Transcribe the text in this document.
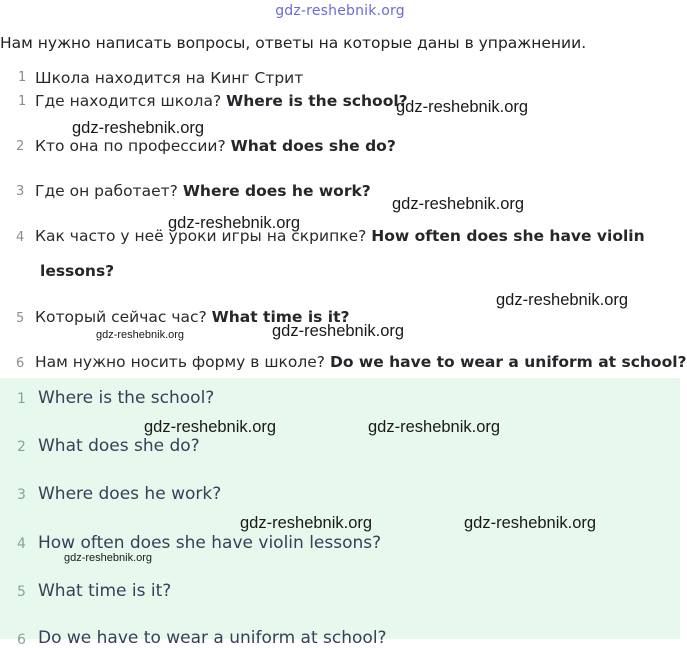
gdz-reshebnik.org
Нам нужно написать вопросы, ответы на которые даны в упражнении.
1 Школа находится на Кинг Стрит
1 Где находится школа? Where is the school?
2 Кто она по профессии? What does she do?
3 Где он работает? Where does he work?
4 Как часто у неё уроки игры на скрипке? How often does she have violin
lessons?
5 Который сейчас час? What time is it?
6 Нам нужно носить форму в школе? Do we have to wear a uniform at school?
1 Where is the school?
2 What does she do?
3 Where does he work?
4 How often does she have violin lessons?
5 What time is it?
6 Do we have to wear a uniform at school?
gdz-reshebnik.org
gdz-reshebnik.org
gdz-reshebnik.org
gdz-reshebnik.org
gdz-reshebnik.org
gdz-reshebnik.org
gdz-reshebnik.org
gdz-reshebnik.org	gdz-reshebnik.org
gdz-reshebnik.org	gdz-reshebnik.org
gdz-reshebnik.org
